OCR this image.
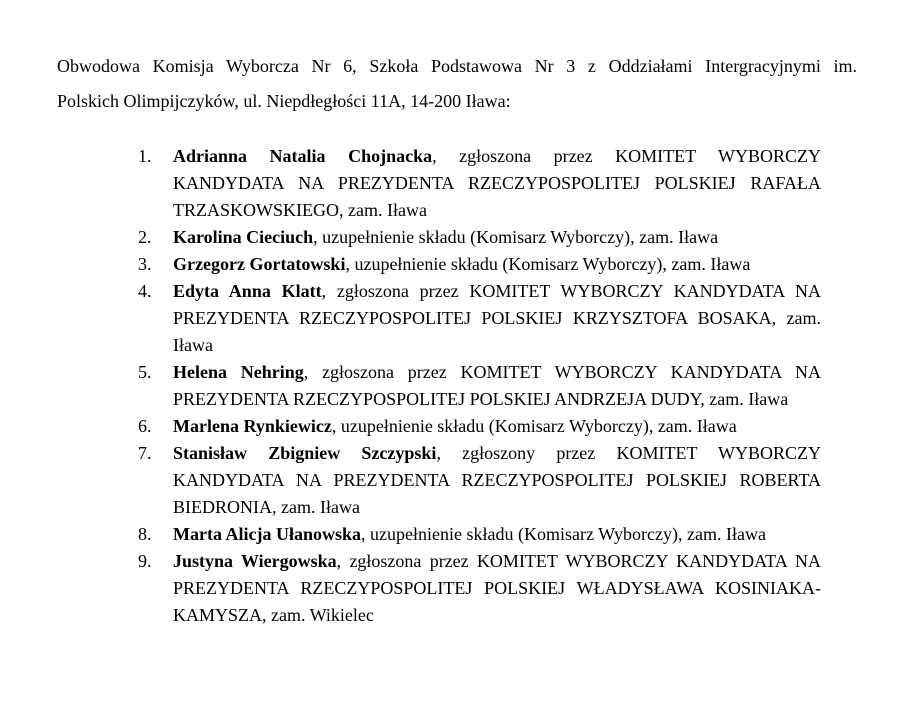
Obwodowa Komisja Wyborcza Nr 6, Szkoła Podstawowa Nr 3 z Oddziałami Intergracyjnymi im.
Polskich Olimpijczyków, ul. Niepdłegłości 11A, 14-200 Iława:
1. Adrianna Natalia Chojnacka, zgłoszona przez KOMITET WYBORCZY KANDYDATA NA PREZYDENTA RZECZYPOSPOLITEJ POLSKIEJ RAFAŁA TRZASKOWSKIEGO, zam. Iława
2. Karolina Cieciuch, uzupełnienie składu (Komisarz Wyborczy), zam. Iława
3. Grzegorz Gortatowski, uzupełnienie składu (Komisarz Wyborczy), zam. Iława
4. Edyta Anna Klatt, zgłoszona przez KOMITET WYBORCZY KANDYDATA NA PREZYDENTA RZECZYPOSPOLITEJ POLSKIEJ KRZYSZTOFA BOSAKA, zam. Iława
5. Helena Nehring, zgłoszona przez KOMITET WYBORCZY KANDYDATA NA PREZYDENTA RZECZYPOSPOLITEJ POLSKIEJ ANDRZEJA DUDY, zam. Iława
6. Marlena Rynkiewicz, uzupełnienie składu (Komisarz Wyborczy), zam. Iława
7. Stanisław Zbigniew Szczypski, zgłoszony przez KOMITET WYBORCZY KANDYDATA NA PREZYDENTA RZECZYPOSPOLITEJ POLSKIEJ ROBERTA BIEDRONIA, zam. Iława
8. Marta Alicja Ułanowska, uzupełnienie składu (Komisarz Wyborczy), zam. Iława
9. Justyna Wiergowska, zgłoszona przez KOMITET WYBORCZY KANDYDATA NA PREZYDENTA RZECZYPOSPOLITEJ POLSKIEJ WŁADYSŁAWA KOSINIAKA-KAMYSZA, zam. Wikielec
